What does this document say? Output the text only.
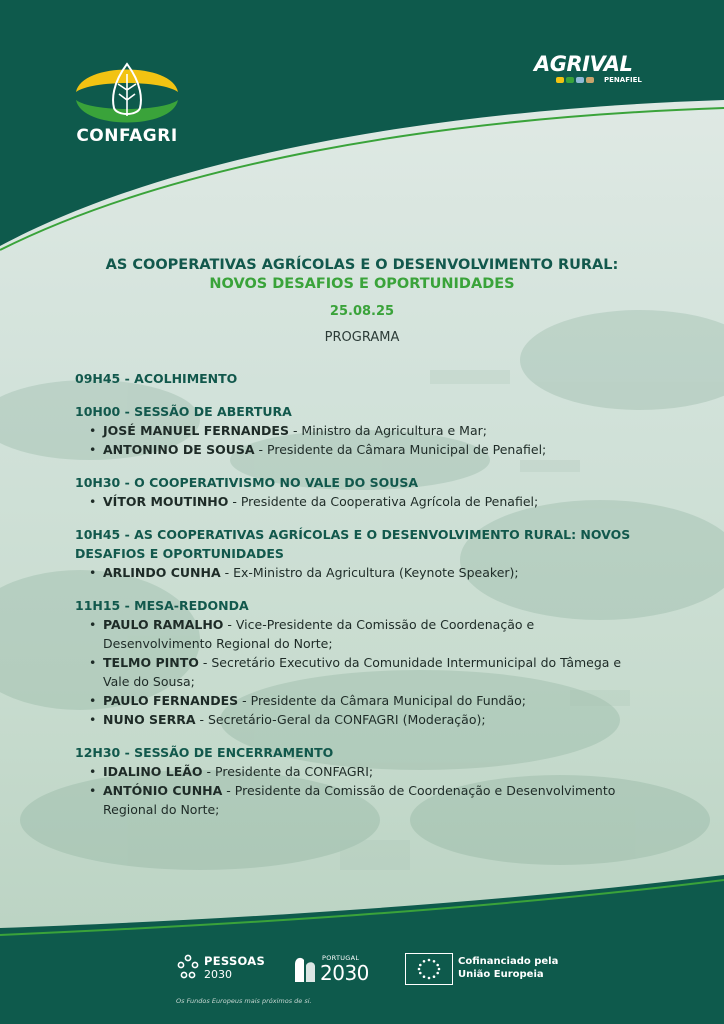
CONFAGRI
AGRIVAL
PENAFIEL
AS COOPERATIVAS AGRÍCOLAS E O DESENVOLVIMENTO RURAL:
NOVOS DESAFIOS E OPORTUNIDADES
25.08.25
PROGRAMA
09H45 - ACOLHIMENTO
10H00 - SESSÃO DE ABERTURA
• JOSÉ MANUEL FERNANDES - Ministro da Agricultura e Mar;
• ANTONINO DE SOUSA - Presidente da Câmara Municipal de Penafiel;
10H30 - O COOPERATIVISMO NO VALE DO SOUSA
• VÍTOR MOUTINHO - Presidente da Cooperativa Agrícola de Penafiel;
10H45 - AS COOPERATIVAS AGRÍCOLAS E O DESENVOLVIMENTO RURAL: NOVOS DESAFIOS E OPORTUNIDADES
• ARLINDO CUNHA - Ex-Ministro da Agricultura (Keynote Speaker);
11H15 - MESA-REDONDA
• PAULO RAMALHO - Vice-Presidente da Comissão de Coordenação e Desenvolvimento Regional do Norte;
• TELMO PINTO - Secretário Executivo da Comunidade Intermunicipal do Tâmega e Vale do Sousa;
• PAULO FERNANDES - Presidente da Câmara Municipal do Fundão;
• NUNO SERRA - Secretário-Geral da CONFAGRI (Moderação);
12H30 - SESSÃO DE ENCERRAMENTO
• IDALINO LEÃO - Presidente da CONFAGRI;
• ANTÓNIO CUNHA - Presidente da Comissão de Coordenação e Desenvolvimento Regional do Norte;
PESSOAS
2030
PORTUGAL
2030	Cofinanciado pela
União Europeia
Os Fundos Europeus mais próximos de si.
